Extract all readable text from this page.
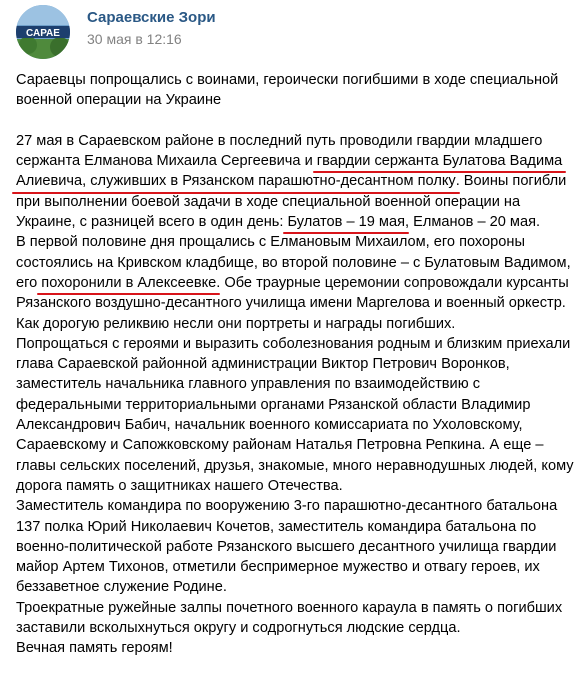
САРАЕ
Сараевские Зори
30 мая в 12:16
Сараевцы попрощались с воинами, героически погибшими в ходе специальной
военной операции на Украине
27 мая в Сараевском районе в последний путь проводили гвардии младшего
сержанта Елманова Михаила Сергеевича и гвардии сержанта Булатова Вадима
Алиевича, служивших в Рязанском парашютно-десантном полку. Воины погибли
при выполнении боевой задачи в ходе специальной военной операции на
Украине, с разницей всего в один день: Булатов – 19 мая, Елманов – 20 мая.
В первой половине дня прощались с Елмановым Михаилом, его похороны
состоялись на Кривском кладбище, во второй половине – с Булатовым Вадимом,
его похоронили в Алексеевке. Обе траурные церемонии сопровождали курсанты
Рязанского воздушно-десантного училища имени Маргелова и военный оркестр.
Как дорогую реликвию несли они портреты и награды погибших.
Попрощаться с героями и выразить соболезнования родным и близким приехали
глава Сараевской районной администрации Виктор Петрович Воронков,
заместитель начальника главного управления по взаимодействию с
федеральными территориальными органами Рязанской области Владимир
Александрович Бабич, начальник военного комиссариата по Ухоловскому,
Сараевскому и Сапожковскому районам Наталья Петровна Репкина. А еще –
главы сельских поселений, друзья, знакомые, много неравнодушных людей, кому
дорога память о защитниках нашего Отечества.
Заместитель командира по вооружению 3-го парашютно-десантного батальона
137 полка Юрий Николаевич Кочетов, заместитель командира батальона по
военно-политической работе Рязанского высшего десантного училища гвардии
майор Артем Тихонов, отметили беспримерное мужество и отвагу героев, их
беззаветное служение Родине.
Троекратные ружейные залпы почетного военного караула в память о погибших
заставили всколыхнуться округу и содрогнуться людские сердца.
Вечная память героям!
